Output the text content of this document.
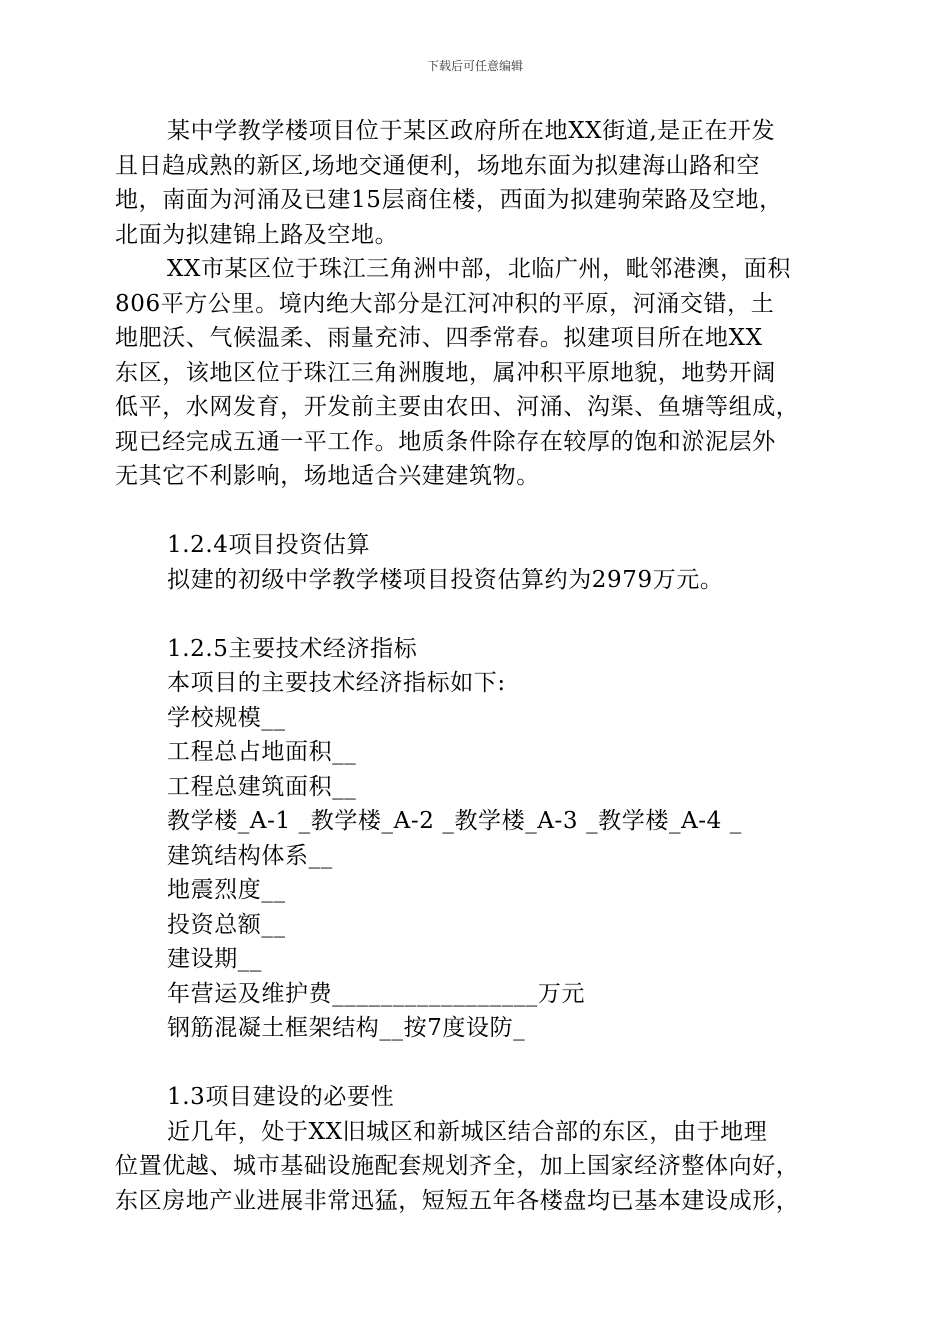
下载后可任意编辑
某中学教学楼项目位于某区政府所在地XX街道,是正在开发
且日趋成熟的新区,场地交通便利，场地东面为拟建海山路和空
地，南面为河涌及已建15层商住楼，西面为拟建驹荣路及空地，
北面为拟建锦上路及空地。
XX市某区位于珠江三角洲中部，北临广州，毗邻港澳，面积
806平方公里。境内绝大部分是江河冲积的平原，河涌交错，土
地肥沃、气候温柔、雨量充沛、四季常春。拟建项目所在地XX
东区，该地区位于珠江三角洲腹地，属冲积平原地貌，地势开阔
低平，水网发育，开发前主要由农田、河涌、沟渠、鱼塘等组成，
现已经完成五通一平工作。地质条件除存在较厚的饱和淤泥层外
无其它不利影响，场地适合兴建建筑物。
1.2.4项目投资估算
拟建的初级中学教学楼项目投资估算约为2979万元。
1.2.5主要技术经济指标
本项目的主要技术经济指标如下:
学校规模__
工程总占地面积__
工程总建筑面积__
教学楼_A-1 _教学楼_A-2 _教学楼_A-3 _教学楼_A-4 _
建筑结构体系__
地震烈度__
投资总额__
建设期__
年营运及维护费_________________万元
钢筋混凝土框架结构__按7度设防_
1.3项目建设的必要性
近几年，处于XX旧城区和新城区结合部的东区，由于地理
位置优越、城市基础设施配套规划齐全，加上国家经济整体向好，
东区房地产业进展非常迅猛，短短五年各楼盘均已基本建设成形，
